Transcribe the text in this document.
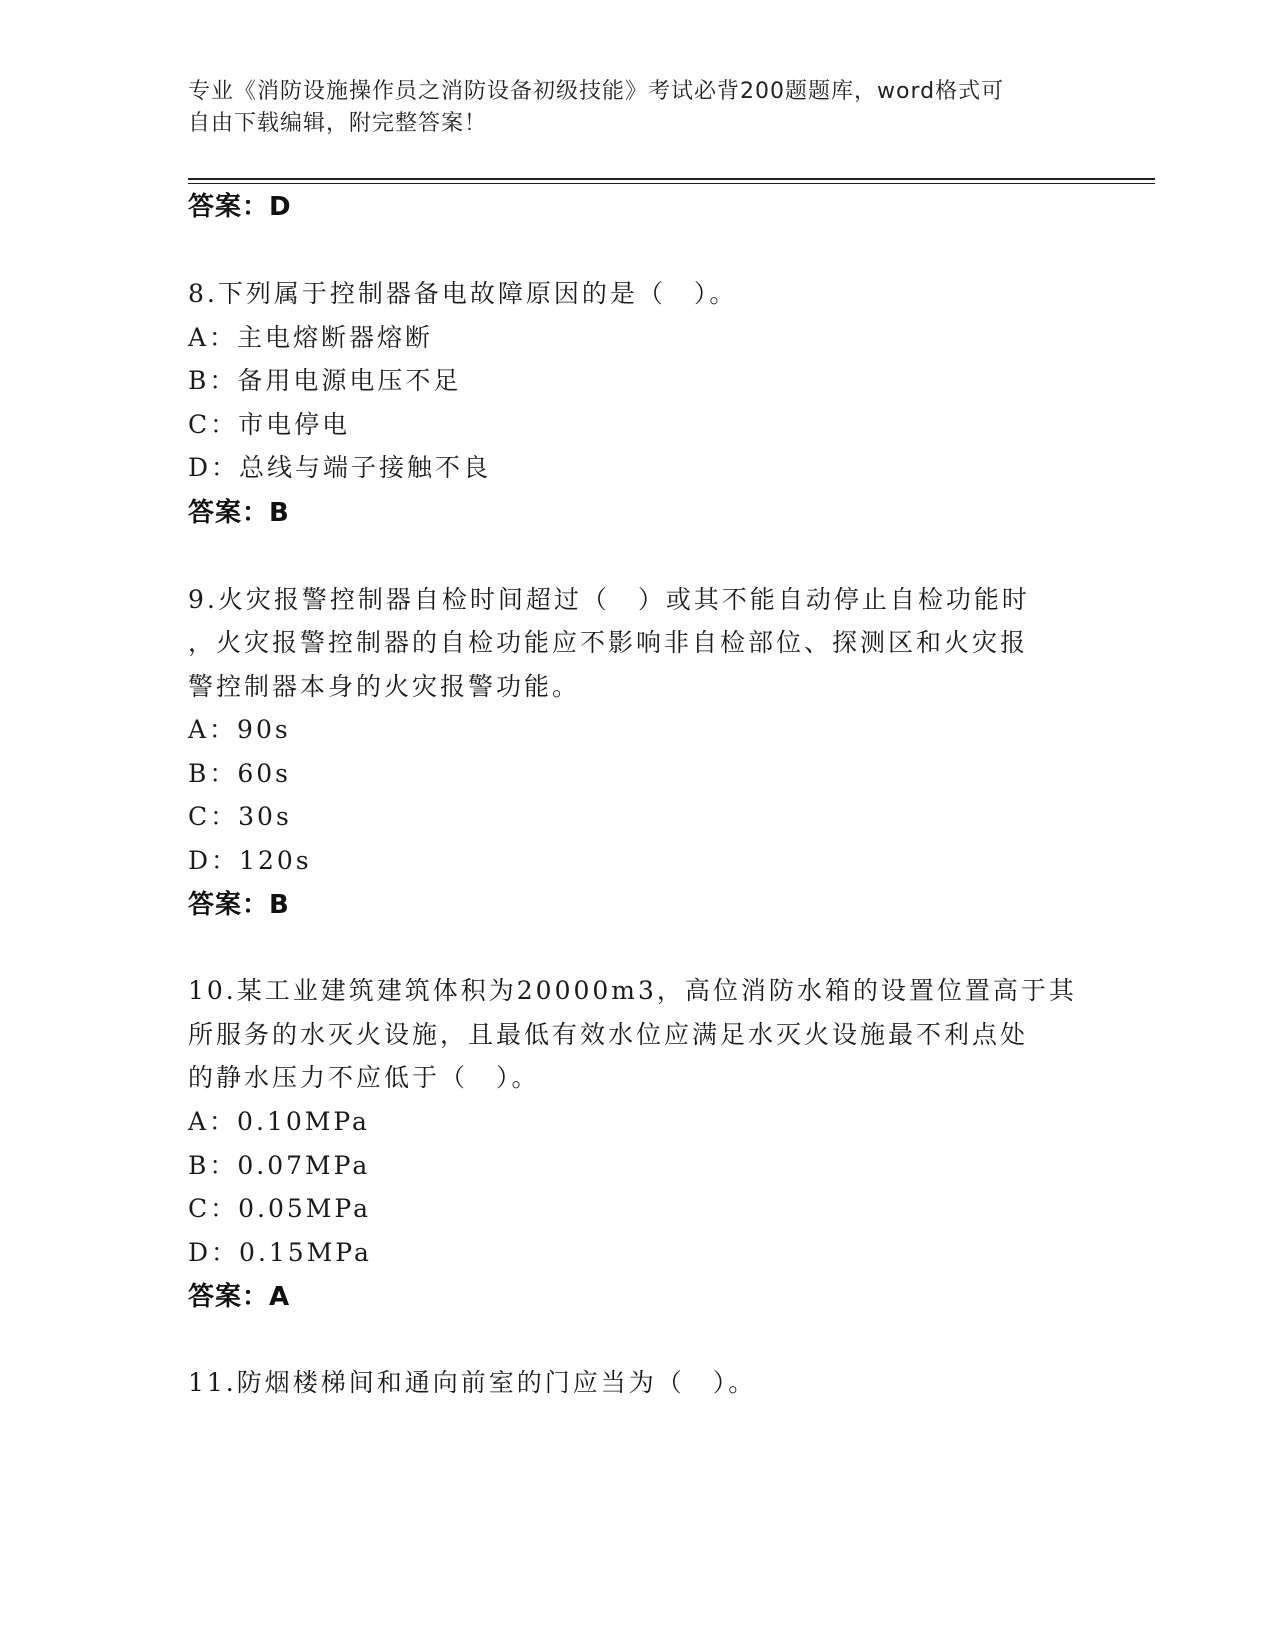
专业《消防设施操作员之消防设备初级技能》考试必背200题题库，word格式可
自由下载编辑，附完整答案！
答案：D
8.下列属于控制器备电故障原因的是（　）。
A：主电熔断器熔断
B：备用电源电压不足
C：市电停电
D：总线与端子接触不良
答案：B
9.火灾报警控制器自检时间超过（　）或其不能自动停止自检功能时
，火灾报警控制器的自检功能应不影响非自检部位、探测区和火灾报
警控制器本身的火灾报警功能。
A：90s
B：60s
C：30s
D：120s
答案：B
10.某工业建筑建筑体积为20000m3，高位消防水箱的设置位置高于其
所服务的水灭火设施，且最低有效水位应满足水灭火设施最不利点处
的静水压力不应低于（　）。
A：0.10MPa
B：0.07MPa
C：0.05MPa
D：0.15MPa
答案：A
11.防烟楼梯间和通向前室的门应当为（　）。
